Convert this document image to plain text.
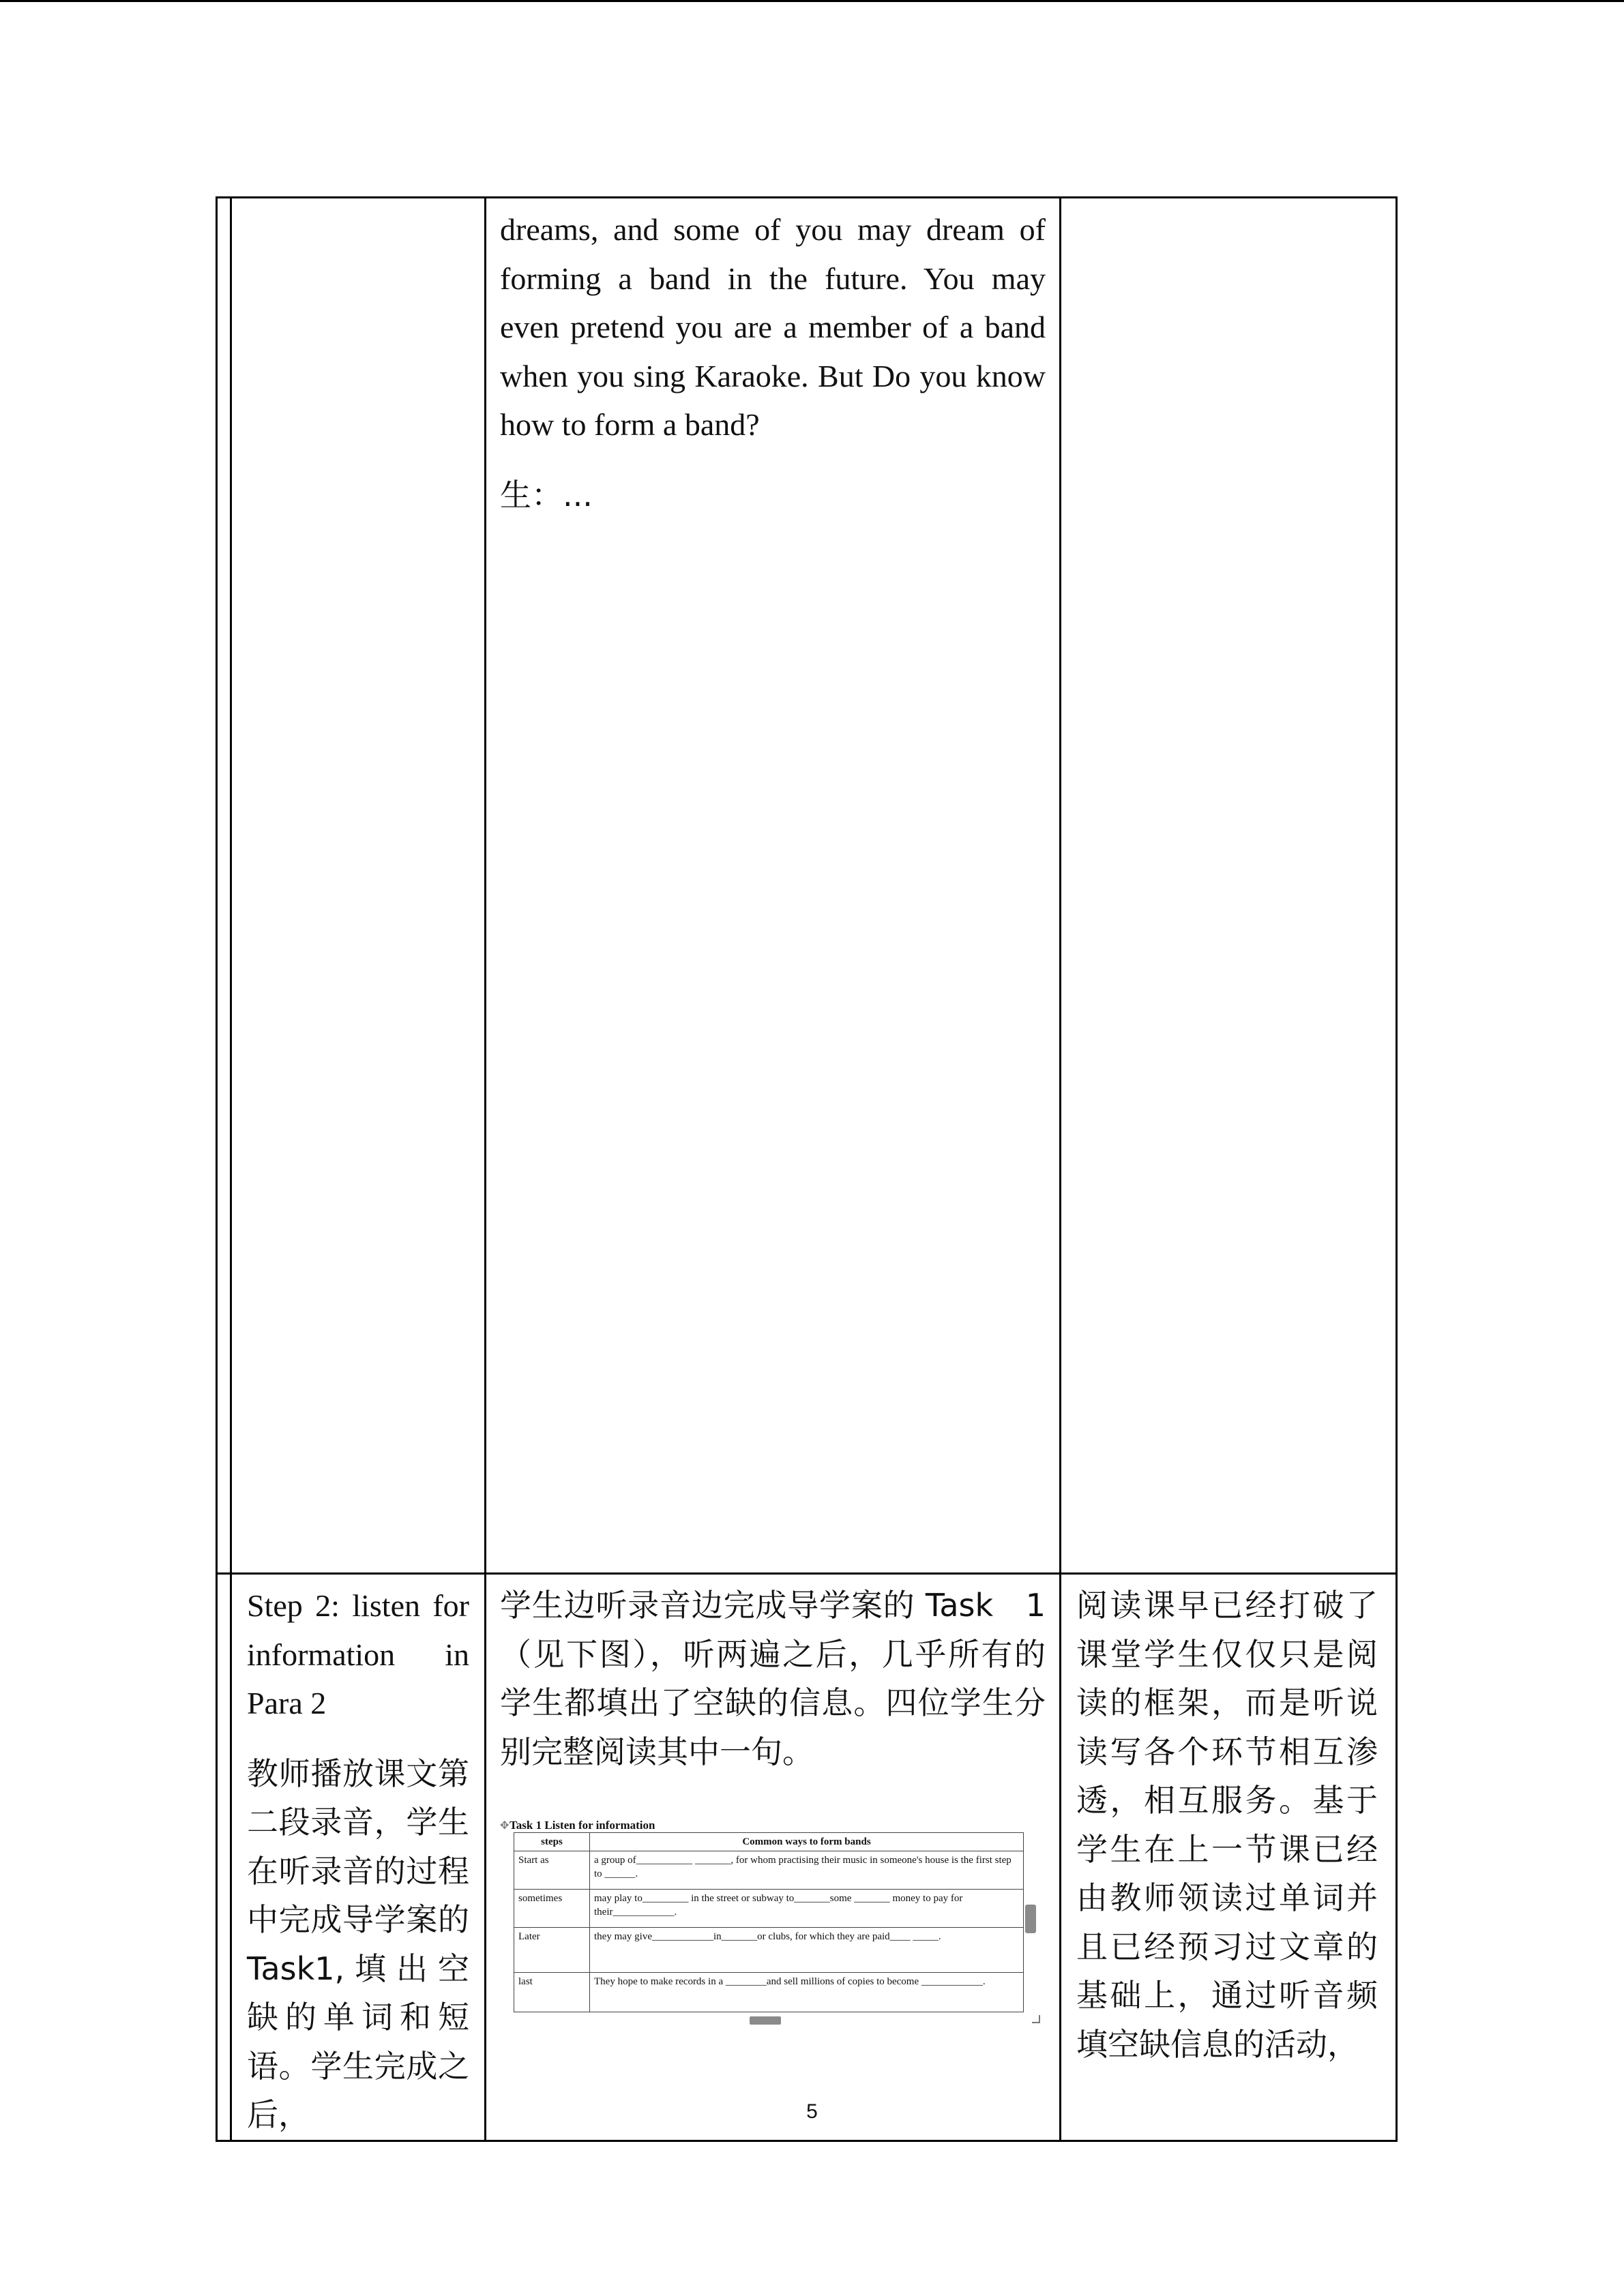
dreams, and some of you may dream of forming a band in the future. You may even pretend you are a member of a band when you sing Karaoke. But Do you know how to form a band?

生：...

Step 2: listen for information in Para 2

教师播放课文第二段录音，学生在听录音的过程中完成导学案的Task1,填出空缺的单词和短语。学生完成之后，

学生边听录音边完成导学案的 Task　1（见下图），听两遍之后，几乎所有的学生都填出了空缺的信息。四位学生分别完整阅读其中一句。

✥ Task 1 Listen for information
steps	Common ways to form bands
Start as	a group of___________ _______, for whom practising their music in someone's house is the first step to ______.
sometimes	may play to_________ in the street or subway to_______some _______ money to pay for their____________.
Later	they may give____________in_______or clubs, for which they are paid____ _____.
last	They hope to make records in a ________and sell millions of copies to become ____________.

阅读课早已经打破了课堂学生仅仅只是阅读的框架，而是听说读写各个环节相互渗透，相互服务。基于学生在上一节课已经由教师领读过单词并且已经预习过文章的基础上，通过听音频填空缺信息的活动，

5
